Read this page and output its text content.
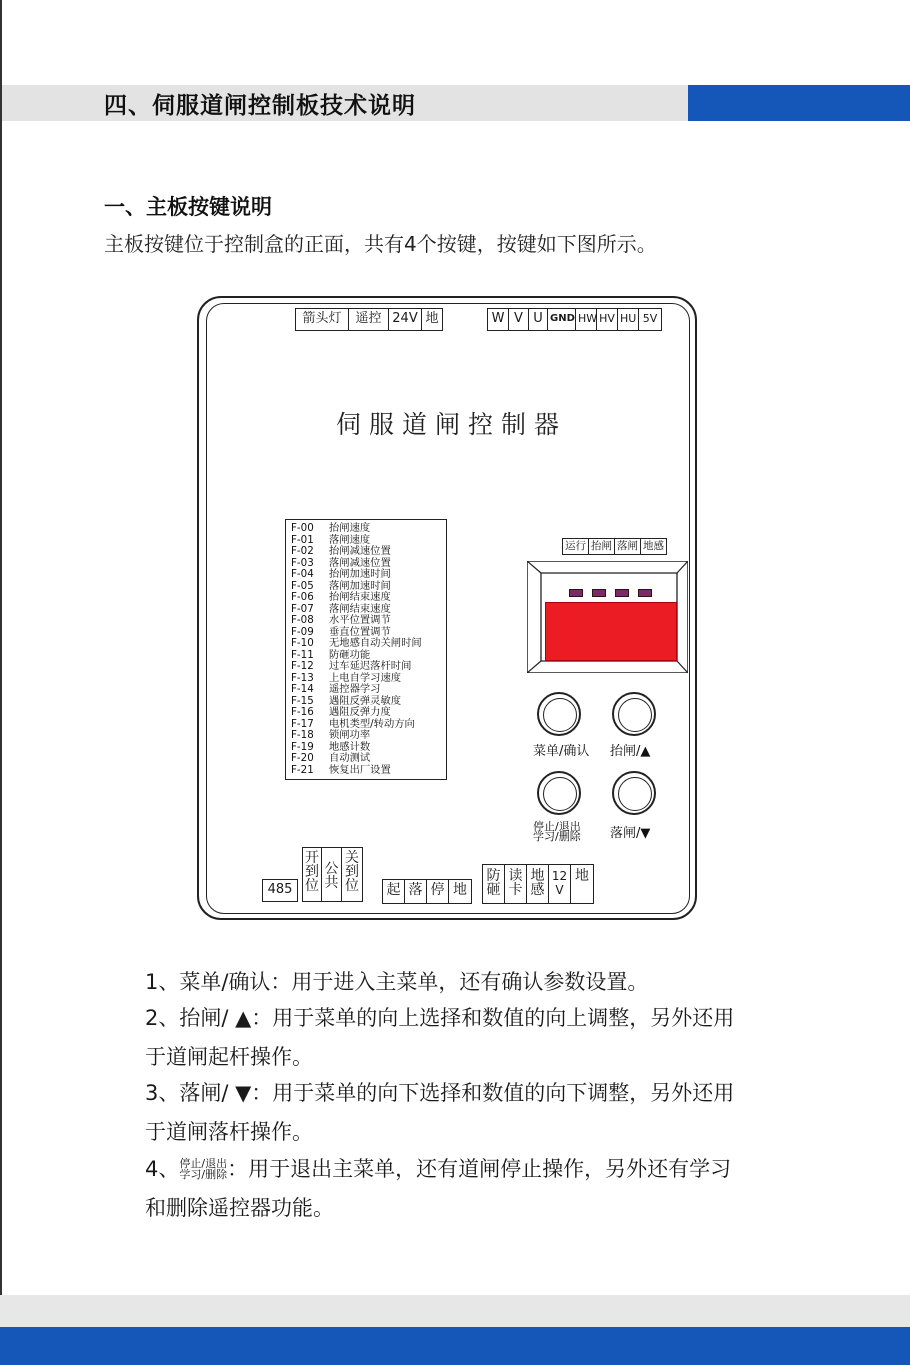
四、伺服道闸控制板技术说明
一、主板按键说明
主板按键位于控制盒的正面，共有4个按键，按键如下图所示。
箭头灯	遥控 24V 地	W V U GND HW HV HU 5V
伺服道闸控制器
F-00	抬闸速度
F-01	落闸速度
F-02	抬闸减速位置
F-03	落闸减速位置
F-04	抬闸加速时间
F-05	落闸加速时间
F-06	抬闸结束速度
F-07	落闸结束速度
F-08	水平位置调节
F-09	垂直位置调节
F-10	无地感自动关闸时间
F-11	防砸功能
F-12	过车延迟落杆时间
F-13	上电自学习速度
F-14	遥控器学习
F-15	遇阻反弹灵敏度
F-16	遇阻反弹力度
F-17	电机类型/转动方向
F-18	锁闸功率
F-19	地感计数
F-20	自动测试
F-21	恢复出厂设置
运行 抬闸 落闸 地感
菜单/确认 抬闸/▲
停止/退出
学习/删除 落闸/▼
485
开到位
公共
关到位 起 落 停 地
防砸
读卡
地感
12V
地
1、菜单/确认：用于进入主菜单，还有确认参数设置。
2、抬闸/ ▲：用于菜单的向上选择和数值的向上调整，另外还用
于道闸起杆操作。
3、落闸/ ▼：用于菜单的向下选择和数值的向下调整，另外还用
于道闸落杆操作。
4、 停止/退出
学习/删除 ：用于退出主菜单，还有道闸停止操作，另外还有学习
和删除遥控器功能。
